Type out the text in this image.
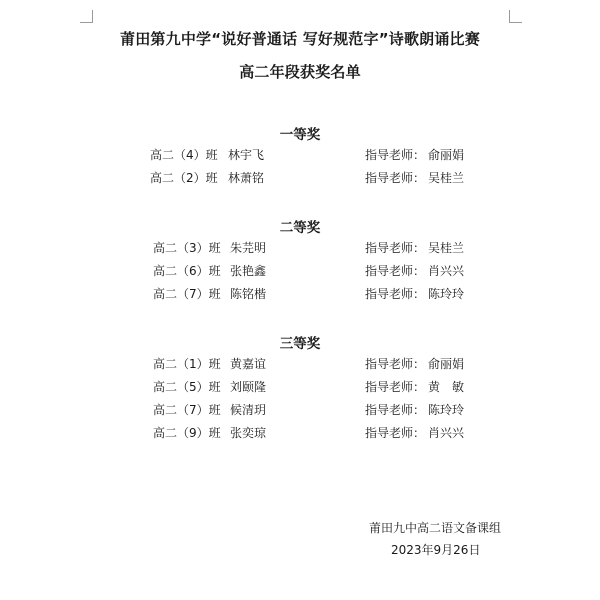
莆田第九中学“说好普通话 写好规范字”诗歌朗诵比赛
高二年段获奖名单
一等奖
高二（4）班 林宇飞	指导老师： 俞丽娟
高二（2）班 林萧铭	指导老师： 吴桂兰
二等奖
高二（3）班 朱芫明	指导老师： 吴桂兰
高二（6）班 张艳鑫	指导老师： 肖兴兴
高二（7）班 陈铭楷	指导老师： 陈玲玲
三等奖
高二（1）班 黄嘉谊	指导老师： 俞丽娟
高二（5）班 刘颐隆	指导老师： 黄　敏
高二（7）班 候清玥	指导老师： 陈玲玲
高二（9）班 张奕琼	指导老师： 肖兴兴
莆田九中高二语文备课组
2023年9月26日
